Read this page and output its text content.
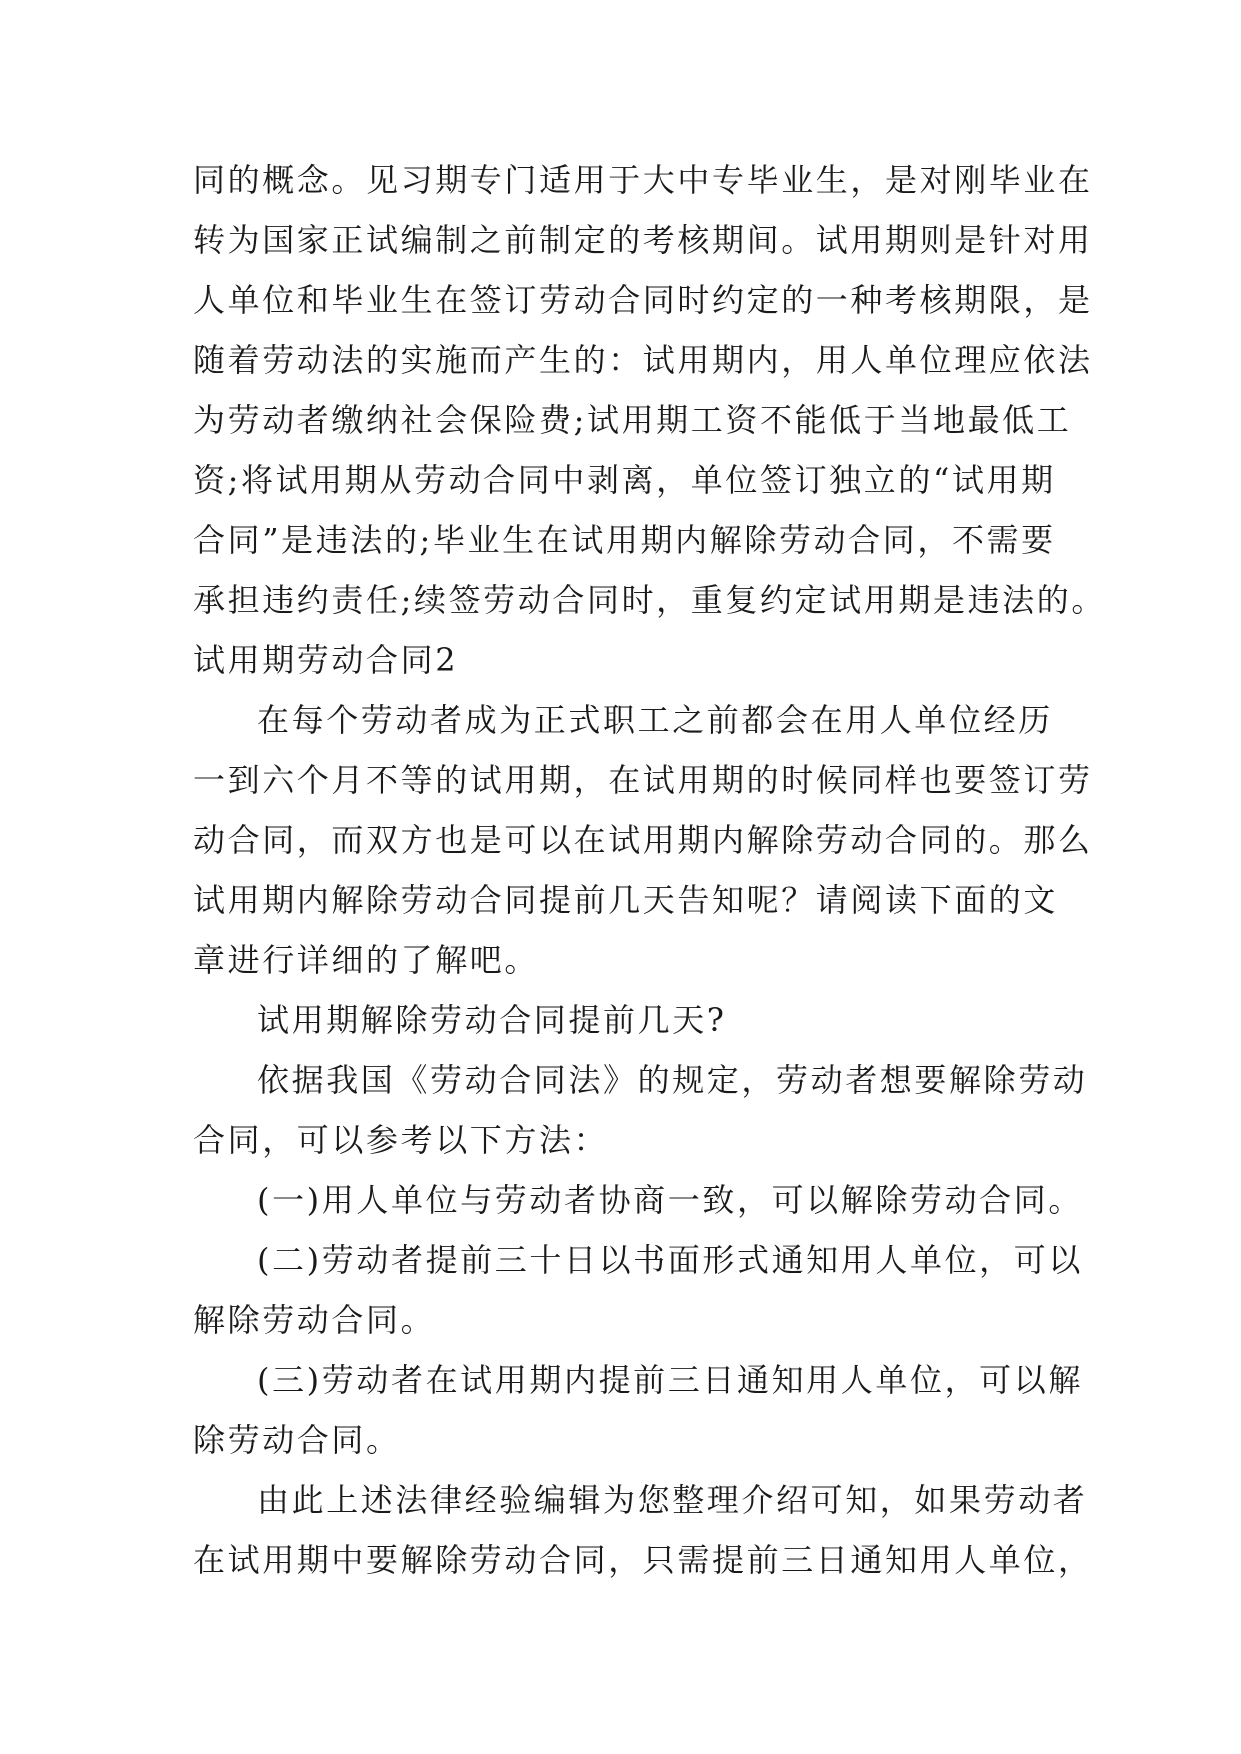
同的概念。见习期专门适用于大中专毕业生，是对刚毕业在
转为国家正试编制之前制定的考核期间。试用期则是针对用
人单位和毕业生在签订劳动合同时约定的一种考核期限，是
随着劳动法的实施而产生的：试用期内，用人单位理应依法
为劳动者缴纳社会保险费;试用期工资不能低于当地最低工
资;将试用期从劳动合同中剥离，单位签订独立的“试用期
合同”是违法的;毕业生在试用期内解除劳动合同，不需要
承担违约责任;续签劳动合同时，重复约定试用期是违法的。
试用期劳动合同2
在每个劳动者成为正式职工之前都会在用人单位经历
一到六个月不等的试用期，在试用期的时候同样也要签订劳
动合同，而双方也是可以在试用期内解除劳动合同的。那么
试用期内解除劳动合同提前几天告知呢？请阅读下面的文
章进行详细的了解吧。
试用期解除劳动合同提前几天?
依据我国《劳动合同法》的规定，劳动者想要解除劳动
合同，可以参考以下方法：
(一)用人单位与劳动者协商一致，可以解除劳动合同。
(二)劳动者提前三十日以书面形式通知用人单位，可以
解除劳动合同。
(三)劳动者在试用期内提前三日通知用人单位，可以解
除劳动合同。
由此上述法律经验编辑为您整理介绍可知，如果劳动者
在试用期中要解除劳动合同，只需提前三日通知用人单位，
